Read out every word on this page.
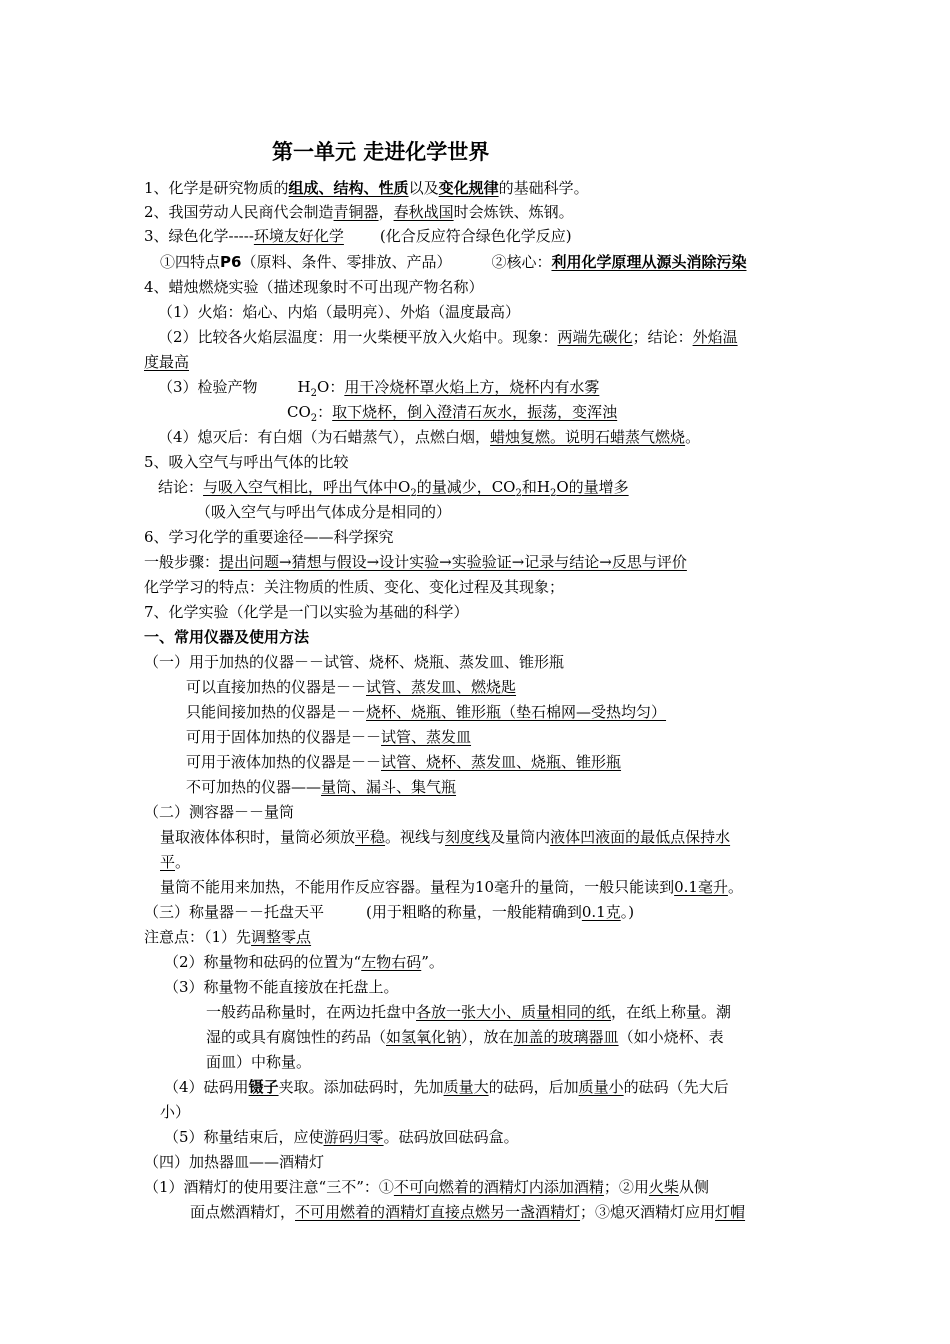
第一单元 走进化学世界
1、化学是研究物质的组成、结构、性质以及变化规律的基础科学。
2、我国劳动人民商代会制造青铜器，春秋战国时会炼铁、炼钢。
3、绿色化学-----环境友好化学 (化合反应符合绿色化学反应)
①四特点P6（原料、条件、零排放、产品）	②核心：利用化学原理从源头消除污染
4、蜡烛燃烧实验（描述现象时不可出现产物名称）
（1）火焰：焰心、内焰（最明亮）、外焰（温度最高）
（2）比较各火焰层温度：用一火柴梗平放入火焰中。现象：两端先碳化；结论：外焰温
度最高
（3）检验产物	$H_2O$：用干冷烧杯罩火焰上方，烧杯内有水雾
$CO_2$：取下烧杯，倒入澄清石灰水，振荡，变浑浊
（4）熄灭后：有白烟（为石蜡蒸气），点燃白烟，蜡烛复燃。说明石蜡蒸气燃烧。
5、吸入空气与呼出气体的比较
结论：与吸入空气相比，呼出气体中$O_2$的量减少，$CO_2$和$H_2O$的量增多
（吸入空气与呼出气体成分是相同的）
6、学习化学的重要途径——科学探究
一般步骤：提出问题→猜想与假设→设计实验→实验验证→记录与结论→反思与评价
化学学习的特点：关注物质的性质、变化、变化过程及其现象；
7、化学实验（化学是一门以实验为基础的科学）
一、常用仪器及使用方法
（一）用于加热的仪器－－试管、烧杯、烧瓶、蒸发皿、锥形瓶
可以直接加热的仪器是－－试管、蒸发皿、燃烧匙
只能间接加热的仪器是－－烧杯、烧瓶、锥形瓶（垫石棉网—受热均匀）
可用于固体加热的仪器是－－试管、蒸发皿
可用于液体加热的仪器是－－试管、烧杯、蒸发皿、烧瓶、锥形瓶
不可加热的仪器——量筒、漏斗、集气瓶
（二）测容器－－量筒
量取液体体积时，量筒必须放平稳。视线与刻度线及量筒内液体凹液面的最低点保持水
平。
量筒不能用来加热，不能用作反应容器。量程为10毫升的量筒，一般只能读到0.1毫升。
（三）称量器－－托盘天平	(用于粗略的称量，一般能精确到0.1克。)
注意点：（1）先调整零点
（2）称量物和砝码的位置为“左物右码”。
（3）称量物不能直接放在托盘上。
一般药品称量时，在两边托盘中各放一张大小、质量相同的纸，在纸上称量。潮
湿的或具有腐蚀性的药品（如氢氧化钠），放在加盖的玻璃器皿（如小烧杯、表
面皿）中称量。
（4）砝码用镊子夹取。添加砝码时，先加质量大的砝码，后加质量小的砝码（先大后
小）
（5）称量结束后，应使游码归零。砝码放回砝码盒。
（四）加热器皿——酒精灯
（1）酒精灯的使用要注意“三不”：①不可向燃着的酒精灯内添加酒精；②用火柴从侧
面点燃酒精灯，不可用燃着的酒精灯直接点燃另一盏酒精灯；③熄灭酒精灯应用灯帽
